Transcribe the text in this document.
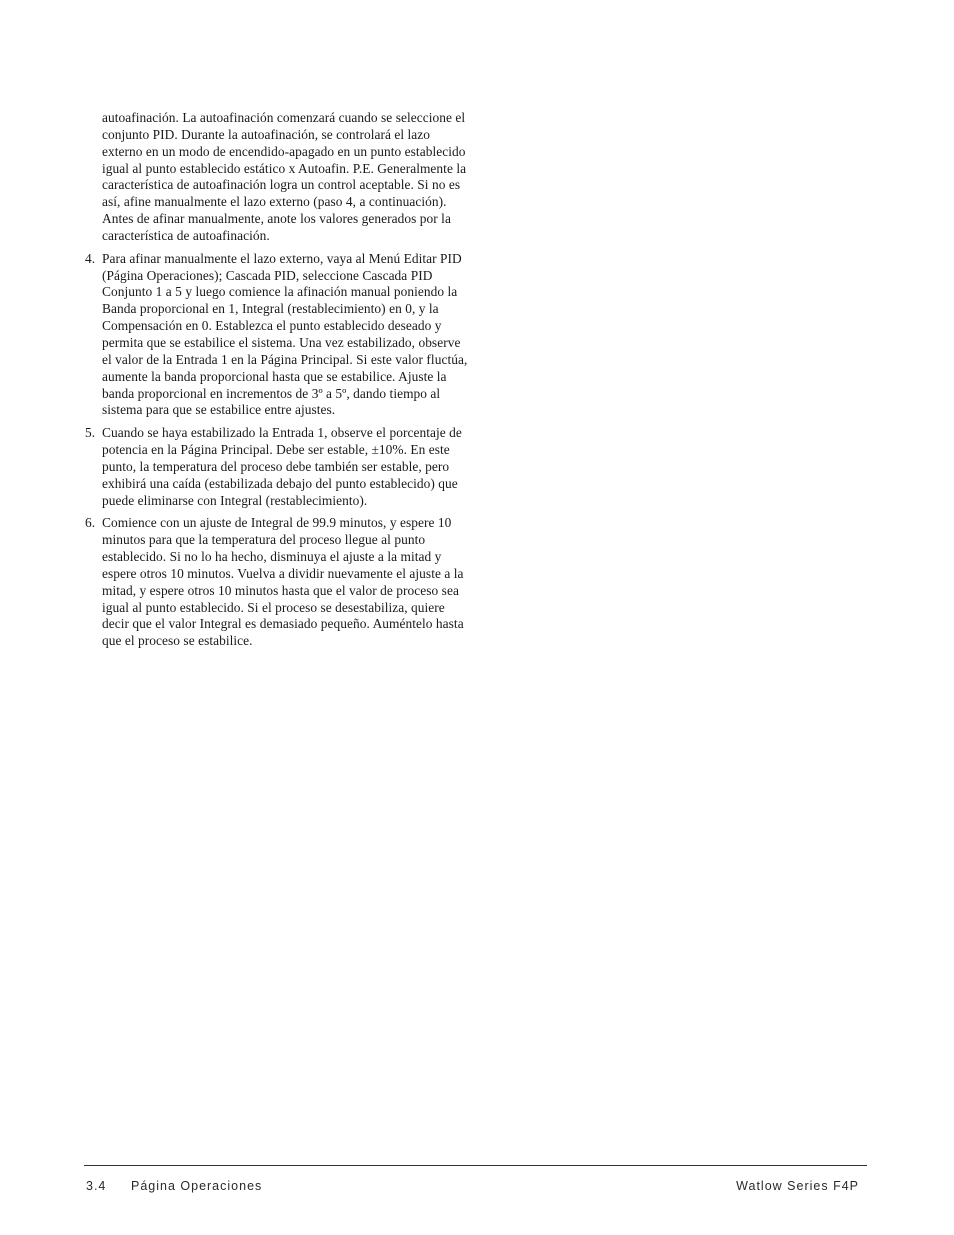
autoafinación. La autoafinación comenzará cuando se seleccione el conjunto PID. Durante la autoafinación, se controlará el lazo externo en un modo de encendido-apagado en un punto establecido igual al punto establecido estático x Autoafin. P.E. Generalmente la característica de autoafinación logra un control aceptable. Si no es así, afine manualmente el lazo externo (paso 4, a continuación). Antes de afinar manualmente, anote los valores generados por la característica de autoafinación.

4. Para afinar manualmente el lazo externo, vaya al Menú Editar PID (Página Operaciones); Cascada PID, seleccione Cascada PID Conjunto 1 a 5 y luego comience la afinación manual poniendo la Banda proporcional en 1, Integral (restablecimiento) en 0, y la Compensación en 0. Establezca el punto establecido deseado y permita que se estabilice el sistema. Una vez estabilizado, observe el valor de la Entrada 1 en la Página Principal. Si este valor fluctúa, aumente la banda proporcional hasta que se estabilice. Ajuste la banda proporcional en incrementos de 3º a 5º, dando tiempo al sistema para que se estabilice entre ajustes.
5. Cuando se haya estabilizado la Entrada 1, observe el porcentaje de potencia en la Página Principal. Debe ser estable, ±10%. En este punto, la temperatura del proceso debe también ser estable, pero exhibirá una caída (estabilizada debajo del punto establecido) que puede eliminarse con Integral (restablecimiento).
6. Comience con un ajuste de Integral de 99.9 minutos, y espere 10 minutos para que la temperatura del proceso llegue al punto establecido. Si no lo ha hecho, disminuya el ajuste a la mitad y espere otros 10 minutos. Vuelva a dividir nuevamente el ajuste a la mitad, y espere otros 10 minutos hasta que el valor de proceso sea igual al punto establecido. Si el proceso se desestabiliza, quiere decir que el valor Integral es demasiado pequeño. Auméntelo hasta que el proceso se estabilice.
3.4 Página Operaciones	Watlow Series F4P
